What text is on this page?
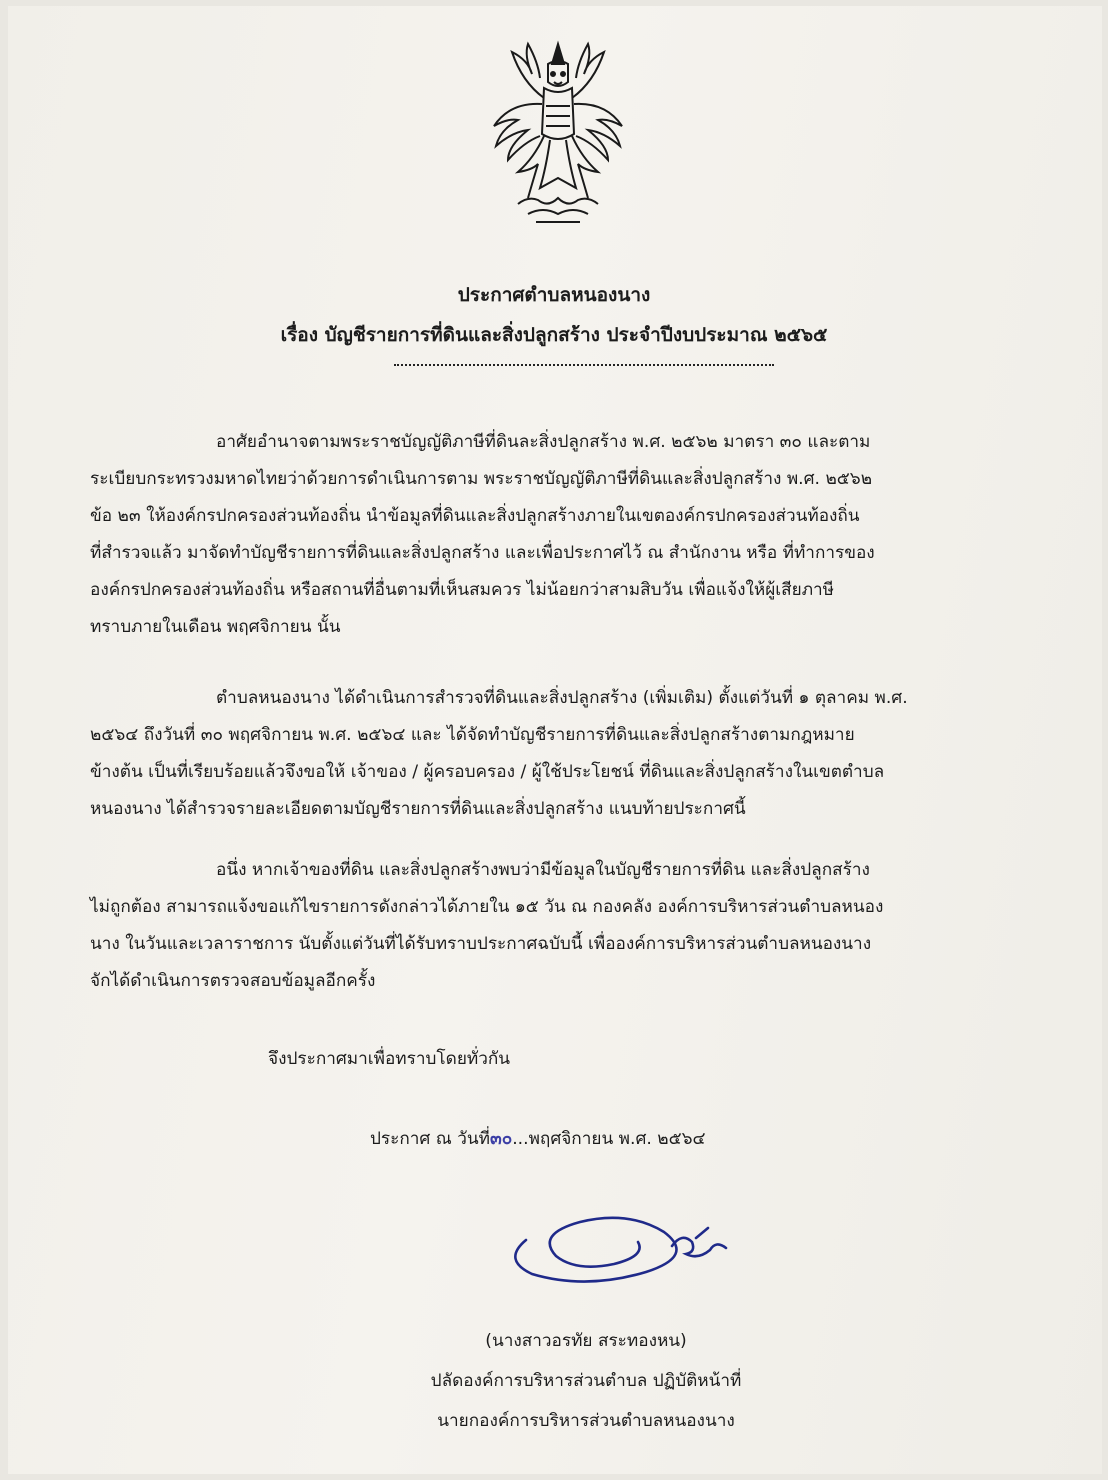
ประกาศตำบลหนองนาง
เรื่อง บัญชีรายการที่ดินและสิ่งปลูกสร้าง ประจำปีงบประมาณ ๒๕๖๕
อาศัยอำนาจตามพระราชบัญญัติภาษีที่ดินละสิ่งปลูกสร้าง พ.ศ. ๒๕๖๒ มาตรา ๓๐ และตาม
ระเบียบกระทรวงมหาดไทยว่าด้วยการดำเนินการตาม พระราชบัญญัติภาษีที่ดินและสิ่งปลูกสร้าง พ.ศ. ๒๕๖๒
ข้อ ๒๓ ให้องค์กรปกครองส่วนท้องถิ่น นำข้อมูลที่ดินและสิ่งปลูกสร้างภายในเขตองค์กรปกครองส่วนท้องถิ่น
ที่สำรวจแล้ว มาจัดทำบัญชีรายการที่ดินและสิ่งปลูกสร้าง และเพื่อประกาศไว้ ณ สำนักงาน หรือ ที่ทำการของ
องค์กรปกครองส่วนท้องถิ่น หรือสถานที่อื่นตามที่เห็นสมควร ไม่น้อยกว่าสามสิบวัน เพื่อแจ้งให้ผู้เสียภาษี
ทราบภายในเดือน พฤศจิกายน นั้น
ตำบลหนองนาง ได้ดำเนินการสำรวจที่ดินและสิ่งปลูกสร้าง (เพิ่มเติม) ตั้งแต่วันที่ ๑ ตุลาคม พ.ศ.
๒๕๖๔ ถึงวันที่ ๓๐ พฤศจิกายน พ.ศ. ๒๕๖๔ และ ได้จัดทำบัญชีรายการที่ดินและสิ่งปลูกสร้างตามกฎหมาย
ข้างต้น เป็นที่เรียบร้อยแล้วจึงขอให้ เจ้าของ / ผู้ครอบครอง / ผู้ใช้ประโยชน์ ที่ดินและสิ่งปลูกสร้างในเขตตำบล
หนองนาง ได้สำรวจรายละเอียดตามบัญชีรายการที่ดินและสิ่งปลูกสร้าง แนบท้ายประกาศนี้
อนึ่ง หากเจ้าของที่ดิน และสิ่งปลูกสร้างพบว่ามีข้อมูลในบัญชีรายการที่ดิน และสิ่งปลูกสร้าง
ไม่ถูกต้อง สามารถแจ้งขอแก้ไขรายการดังกล่าวได้ภายใน ๑๕ วัน ณ กองคลัง องค์การบริหารส่วนตำบลหนอง
นาง ในวันและเวลาราชการ นับตั้งแต่วันที่ได้รับทราบประกาศฉบับนี้ เพื่อองค์การบริหารส่วนตำบลหนองนาง
จักได้ดำเนินการตรวจสอบข้อมูลอีกครั้ง
จึงประกาศมาเพื่อทราบโดยทั่วกัน
ประกาศ ณ วันที่๓๐...พฤศจิกายน พ.ศ. ๒๕๖๔
(นางสาวอรทัย สระทองหน)
ปลัดองค์การบริหารส่วนตำบล ปฏิบัติหน้าที่
นายกองค์การบริหารส่วนตำบลหนองนาง
